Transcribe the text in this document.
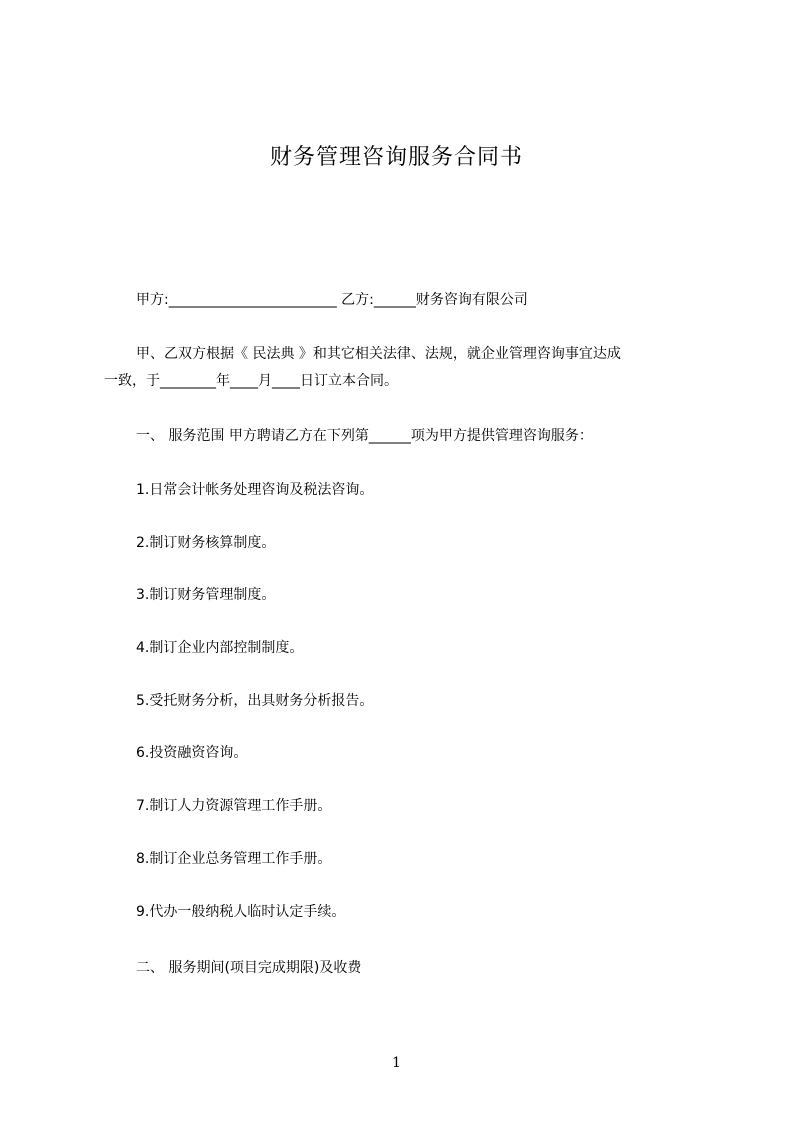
财务管理咨询服务合同书
甲方:________________________ 乙方:______财务咨询有限公司
甲、乙双方根据《 民法典 》和其它相关法律、法规，就企业管理咨询事宜达成
一致，于________年____月____日订立本合同。
一、 服务范围 甲方聘请乙方在下列第______项为甲方提供管理咨询服务：
1.日常会计帐务处理咨询及税法咨询。
2.制订财务核算制度。
3.制订财务管理制度。
4.制订企业内部控制制度。
5.受托财务分析，出具财务分析报告。
6.投资融资咨询。
7.制订人力资源管理工作手册。
8.制订企业总务管理工作手册。
9.代办一般纳税人临时认定手续。
二、 服务期间(项目完成期限)及收费
1
